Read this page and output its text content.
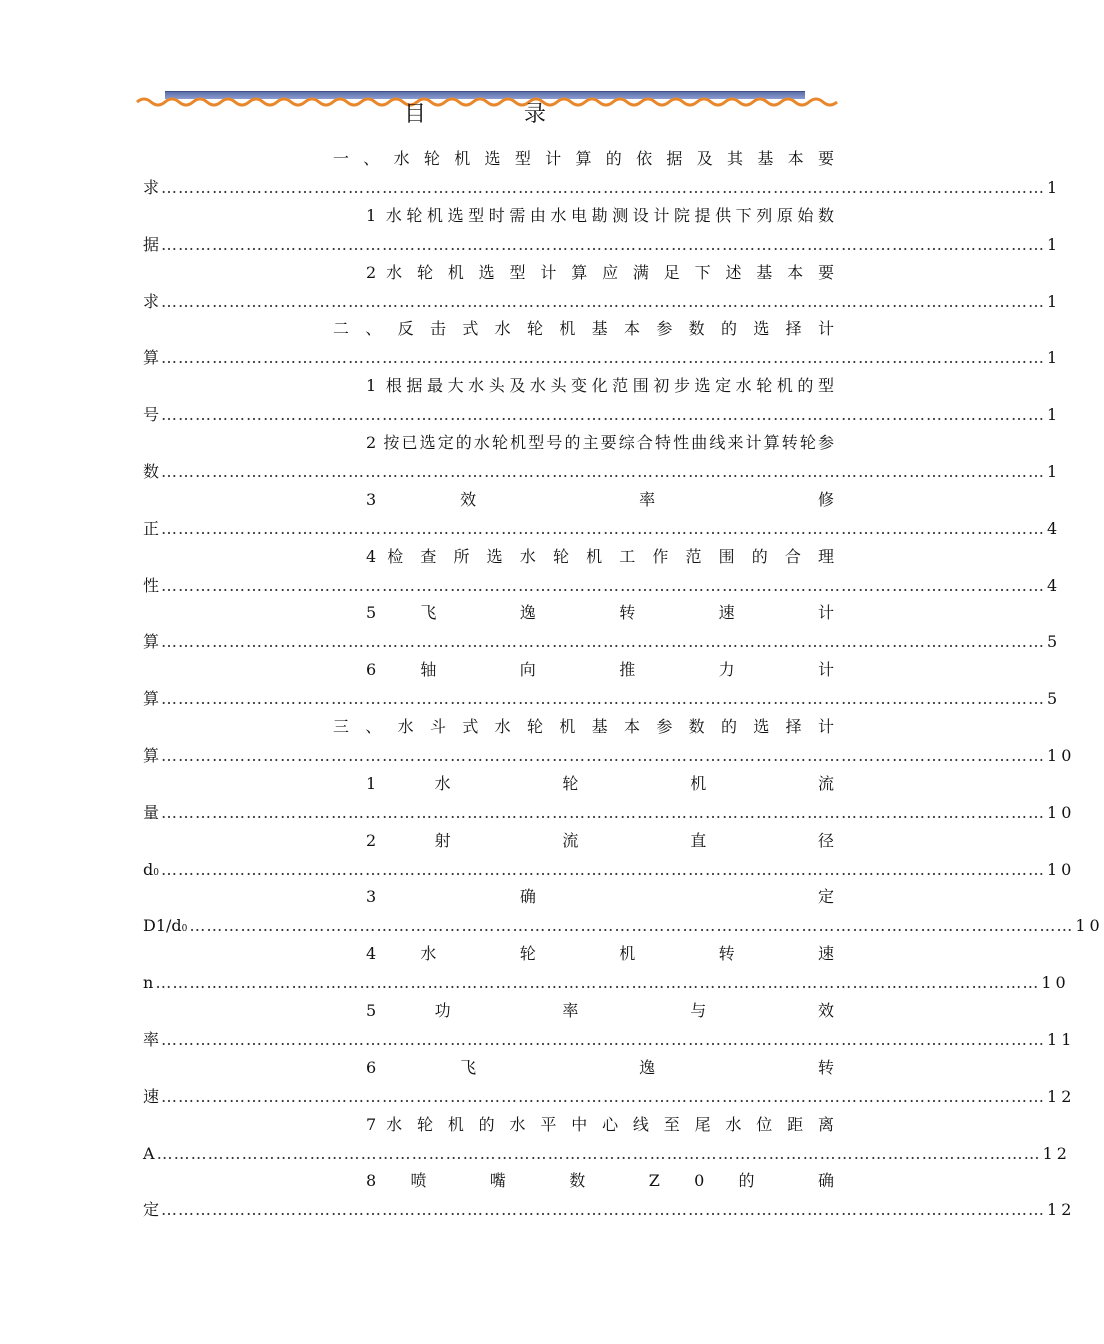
目　录
一 、 水 轮 机 选 型 计 算 的 依 据 及 其 基 本 要
求 ………………………………………………………………………………………………………………………………………… 1
1 水轮机选型时需由水电勘测设计院提供下列原始数
据 ………………………………………………………………………………………………………………………………………… 1
2 水 轮 机 选 型 计 算 应 满 足 下 述 基 本 要
求 ………………………………………………………………………………………………………………………………………… 1
二 、 反 击 式 水 轮 机 基 本 参 数 的 选 择 计
算 ………………………………………………………………………………………………………………………………………… 1
1 根据最大水头及水头变化范围初步选定水轮机的型
号 ………………………………………………………………………………………………………………………………………… 1
2 按已选定的水轮机型号的主要综合特性曲线来计算转轮参
数 ………………………………………………………………………………………………………………………………………… 1
3 效 率 修
正 ………………………………………………………………………………………………………………………………………… 4
4 检 查 所 选 水 轮 机 工 作 范 围 的 合 理
性 ………………………………………………………………………………………………………………………………………… 4
5 飞 逸 转 速 计
算 ………………………………………………………………………………………………………………………………………… 5
6 轴 向 推 力 计
算 ………………………………………………………………………………………………………………………………………… 5
三 、 水 斗 式 水 轮 机 基 本 参 数 的 选 择 计
算 ………………………………………………………………………………………………………………………………………… 10
1 水 轮 机 流
量 ………………………………………………………………………………………………………………………………………… 10
2 射 流 直 径
d 0 ………………………………………………………………………………………………………………………………………… 10
3 确 定
D1/d 0 ………………………………………………………………………………………………………………………………………… 10
4 水 轮 机 转 速
n ………………………………………………………………………………………………………………………………………… 10
5 功 率 与 效
率 ………………………………………………………………………………………………………………………………………… 11
6 飞 逸 转
速 ………………………………………………………………………………………………………………………………………… 12
7 水 轮 机 的 水 平 中 心 线 至 尾 水 位 距 离
A ………………………………………………………………………………………………………………………………………… 12
8 喷 嘴 数 Z 0 的 确
定 ………………………………………………………………………………………………………………………………………… 12
